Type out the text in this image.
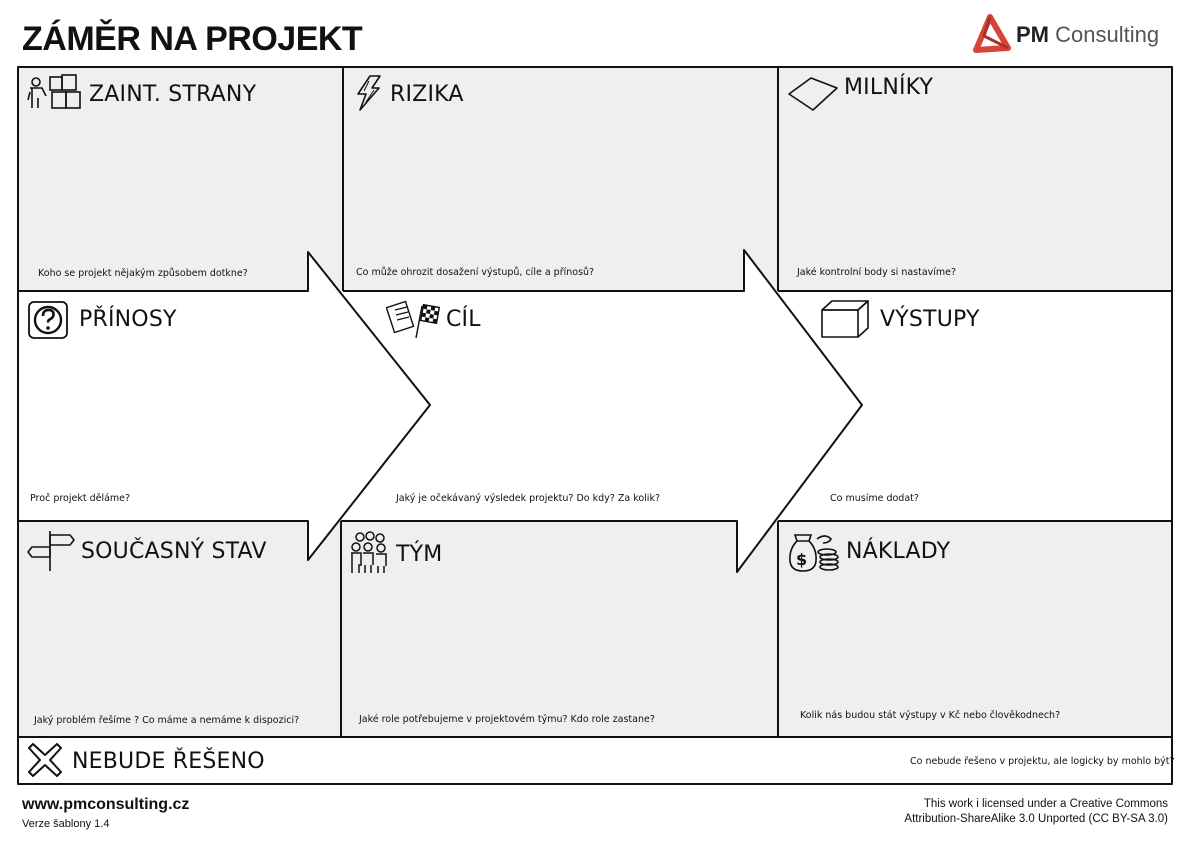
ZÁMĚR NA PROJEKT	PM Consulting
$
ZAINT. STRANY	RIZIKA	MILNÍKY
PŘÍNOSY	CÍL	VÝSTUPY
SOUČASNÝ STAV	TÝM	NÁKLADY
NEBUDE ŘEŠENO
Koho se projekt nějakým způsobem dotkne?	Co může ohrozit dosažení výstupů, cíle a přínosů?	Jaké kontrolní body si nastavíme?
Proč projekt děláme?	Jaký je očekávaný výsledek projektu? Do kdy? Za kolik?	Co musíme dodat?
Jaký problém řešíme ? Co máme a nemáme k dispozici?	Jaké role potřebujeme v projektovém týmu? Kdo role zastane?	Kolik nás budou stát výstupy v Kč nebo člověkodnech?
Co nebude řešeno v projektu, ale logicky by mohlo být?
www.pmconsulting.cz
Verze šablony 1.4
This work i licensed under a Creative Commons
Attribution-ShareAlike 3.0 Unported (CC BY-SA 3.0)
